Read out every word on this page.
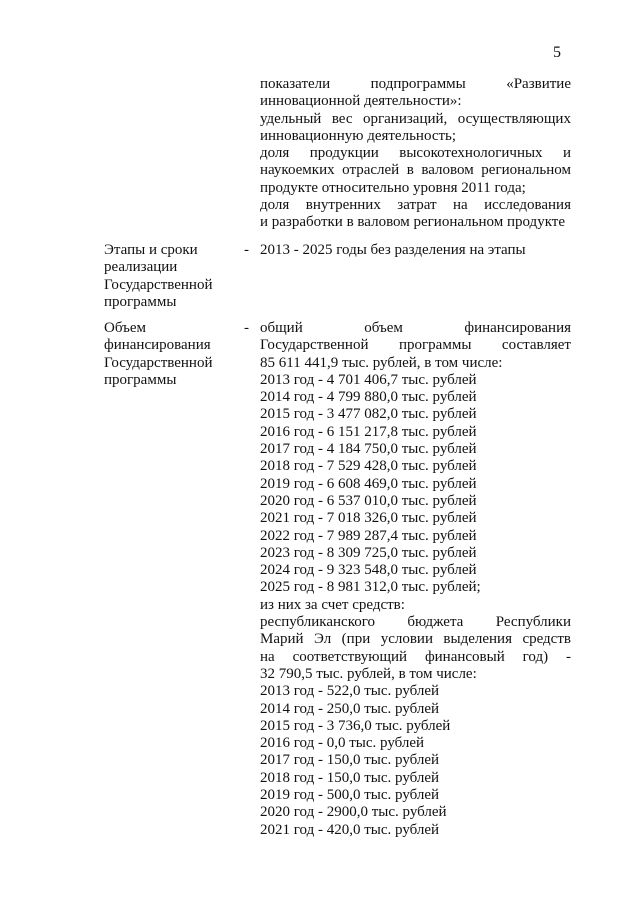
5
показатели	подпрограммы	«Развитие
инновационной деятельности»:
удельный вес организаций, осуществляющих
инновационную деятельность;
доля продукции высокотехнологичных и
наукоемких отраслей в валовом региональном
продукте относительно уровня 2011 года;
доля внутренних затрат на исследования
и разработки в валовом региональном продукте
Этапы и сроки
реализации
Государственной
программы
- 2013 - 2025 годы без разделения на этапы
Объем
финансирования
Государственной
программы
- общий	объем	финансирования
Государственной программы составляет
85 611 441,9 тыс. рублей, в том числе:
2013 год - 4 701 406,7 тыс. рублей
2014 год - 4 799 880,0 тыс. рублей
2015 год - 3 477 082,0 тыс. рублей
2016 год - 6 151 217,8 тыс. рублей
2017 год - 4 184 750,0 тыс. рублей
2018 год - 7 529 428,0 тыс. рублей
2019 год - 6 608 469,0 тыс. рублей
2020 год - 6 537 010,0 тыс. рублей
2021 год - 7 018 326,0 тыс. рублей
2022 год - 7 989 287,4 тыс. рублей
2023 год - 8 309 725,0 тыс. рублей
2024 год - 9 323 548,0 тыс. рублей
2025 год - 8 981 312,0 тыс. рублей;
из них за счет средств:
республиканского бюджета Республики
Марий Эл (при условии выделения средств
на соответствующий финансовый год) -
32 790,5 тыс. рублей, в том числе:
2013 год - 522,0 тыс. рублей
2014 год - 250,0 тыс. рублей
2015 год - 3 736,0 тыс. рублей
2016 год - 0,0 тыс. рублей
2017 год - 150,0 тыс. рублей
2018 год - 150,0 тыс. рублей
2019 год - 500,0 тыс. рублей
2020 год - 2900,0 тыс. рублей
2021 год - 420,0 тыс. рублей
